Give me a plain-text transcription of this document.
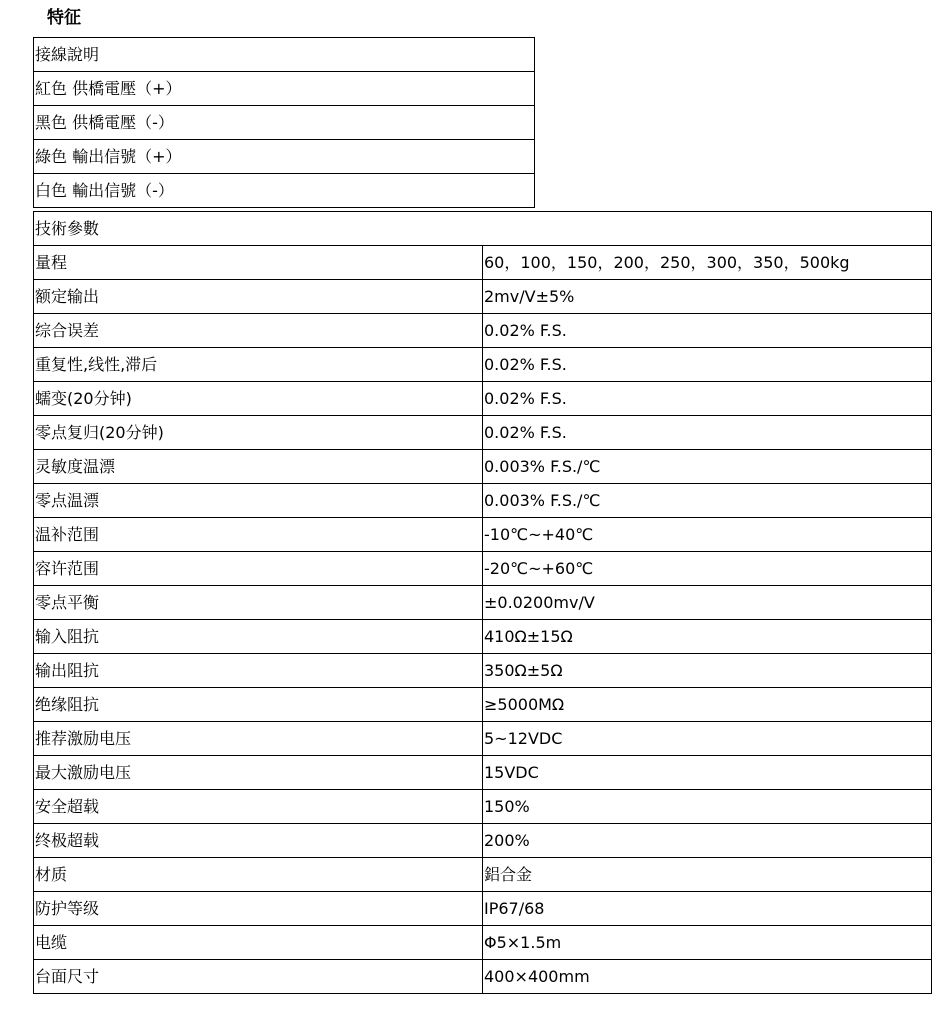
特征
接線說明
紅色 供橋電壓（+）
黑色 供橋電壓（-）
綠色 輸出信號（+）
白色 輸出信號（-）
技術參數	
量程	60，100，150，200，250，300，350，500kg
额定输出	2mv/V±5%
综合误差	0.02% F.S.
重复性,线性,滞后	0.02% F.S.
蠕变(20分钟)	0.02% F.S.
零点复归(20分钟)	0.02% F.S.
灵敏度温漂	0.003% F.S./℃
零点温漂	0.003% F.S./℃
温补范围	-10℃~+40℃
容许范围	-20℃~+60℃
零点平衡	±0.0200mv/V
输入阻抗	410Ω±15Ω
输出阻抗	350Ω±5Ω
绝缘阻抗	≥5000MΩ
推荐激励电压	5~12VDC
最大激励电压	15VDC
安全超载	150%
终极超载	200%
材质	鋁合金
防护等级	IP67/68
电缆	Φ5×1.5m
台面尺寸	400×400mm
